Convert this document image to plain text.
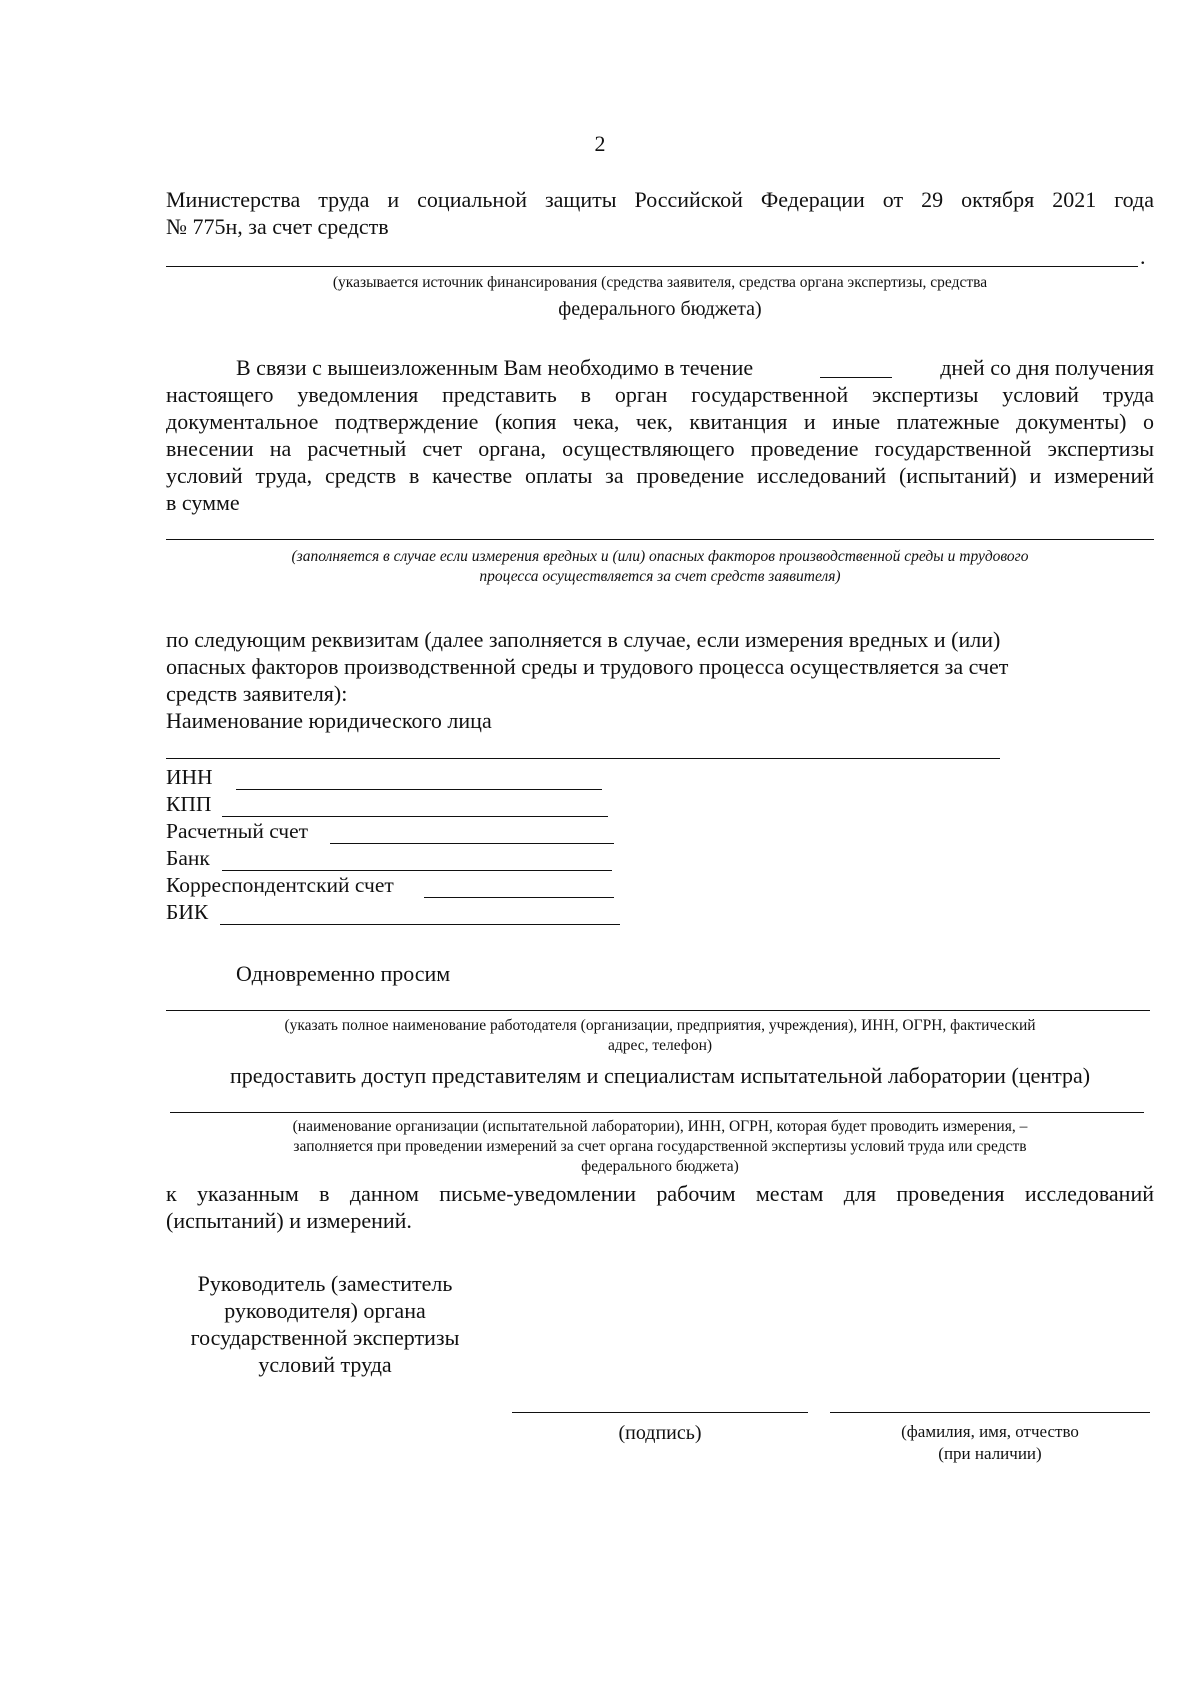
2
Министерства труда и социальной защиты Российской Федерации от 29 октября 2021 года
№ 775н, за счет средств
.
(указывается источник финансирования (средства заявителя, средства органа экспертизы, средства
федерального бюджета)
В связи с вышеизложенным Вам необходимо в течение	дней со дня получения
настоящего уведомления представить в орган государственной экспертизы условий труда
документальное подтверждение (копия чека, чек, квитанция и иные платежные документы) о
внесении на расчетный счет органа, осуществляющего проведение государственной экспертизы
условий труда, средств в качестве оплаты за проведение исследований (испытаний) и измерений
в сумме
(заполняется в случае если измерения вредных и (или) опасных факторов производственной среды и трудового
процесса осуществляется за счет средств заявителя)
по следующим реквизитам (далее заполняется в случае, если измерения вредных и (или)
опасных факторов производственной среды и трудового процесса осуществляется за счет
средств заявителя):
Наименование юридического лица
ИНН
КПП
Расчетный счет
Банк
Корреспондентский счет
БИК
Одновременно просим
(указать полное наименование работодателя (организации, предприятия, учреждения), ИНН, ОГРН, фактический
адрес, телефон)
предоставить доступ представителям и специалистам испытательной лаборатории (центра)
(наименование организации (испытательной лаборатории), ИНН, ОГРН, которая будет проводить измерения, –
заполняется при проведении измерений за счет органа государственной экспертизы условий труда или средств
федерального бюджета)
к указанным в данном письме-уведомлении рабочим местам для проведения исследований
(испытаний) и измерений.
Руководитель (заместитель
руководителя) органа
государственной экспертизы
условий труда
(подпись)	(фамилия, имя, отчество
(при наличии)
